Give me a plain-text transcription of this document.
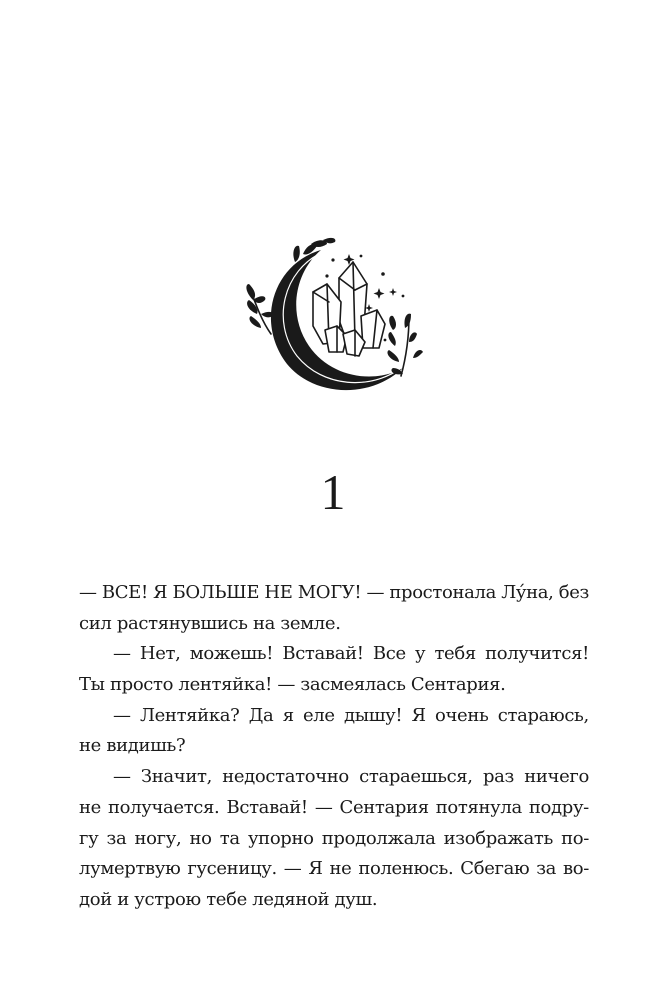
1
— ВСЕ! Я БОЛЬШЕ НЕ МОГУ! — простонала Лу́на, без
сил растянувшись на земле.
— Нет, можешь! Вставай! Все у тебя получится!
Ты просто лентяйка! — засмеялась Сентария.
— Лентяйка? Да я еле дышу! Я очень стараюсь,
не видишь?
— Значит, недостаточно стараешься, раз ничего
не получается. Вставай! — Сентария потянула подру-
гу за ногу, но та упорно продолжала изображать по-
лумертвую гусеницу. — Я не поленюсь. Сбегаю за во-
дой и устрою тебе ледяной душ.
